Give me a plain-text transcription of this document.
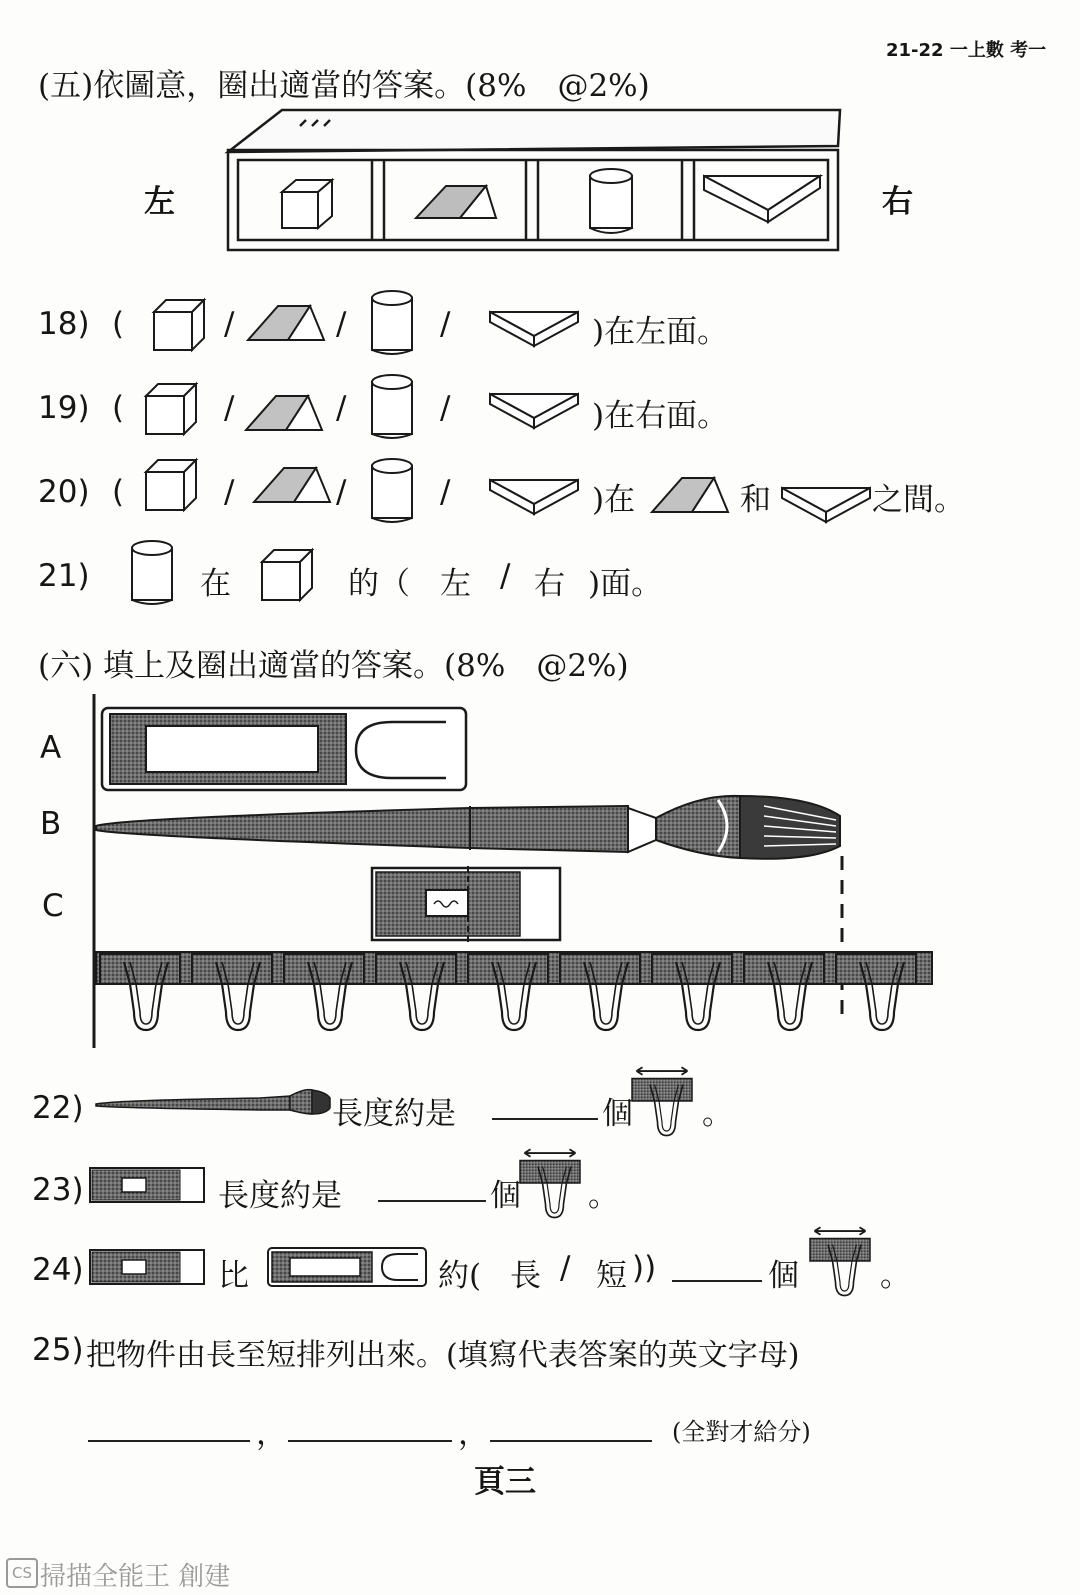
21-22 一上數 考一
(五)依圖意，圈出適當的答案。(8%　@2%)
左	右
18) (	/	/	/	)在左面。
19) (	/	/	/	)在右面。
20) (	/	/	/	)在	和	之間。
21)	在	的（ 左 / 右 )面。
(六) 填上及圈出適當的答案。(8%　@2%)
A
B
C
22)	長度約是	個 。
23)	長度約是	個 。
24)	比	約( 長 / 短 ))	個	。
25) 把物件由長至短排列出來。(填寫代表答案的英文字母)
，	，	(全對才給分)
頁三
CS 掃描全能王 創建
